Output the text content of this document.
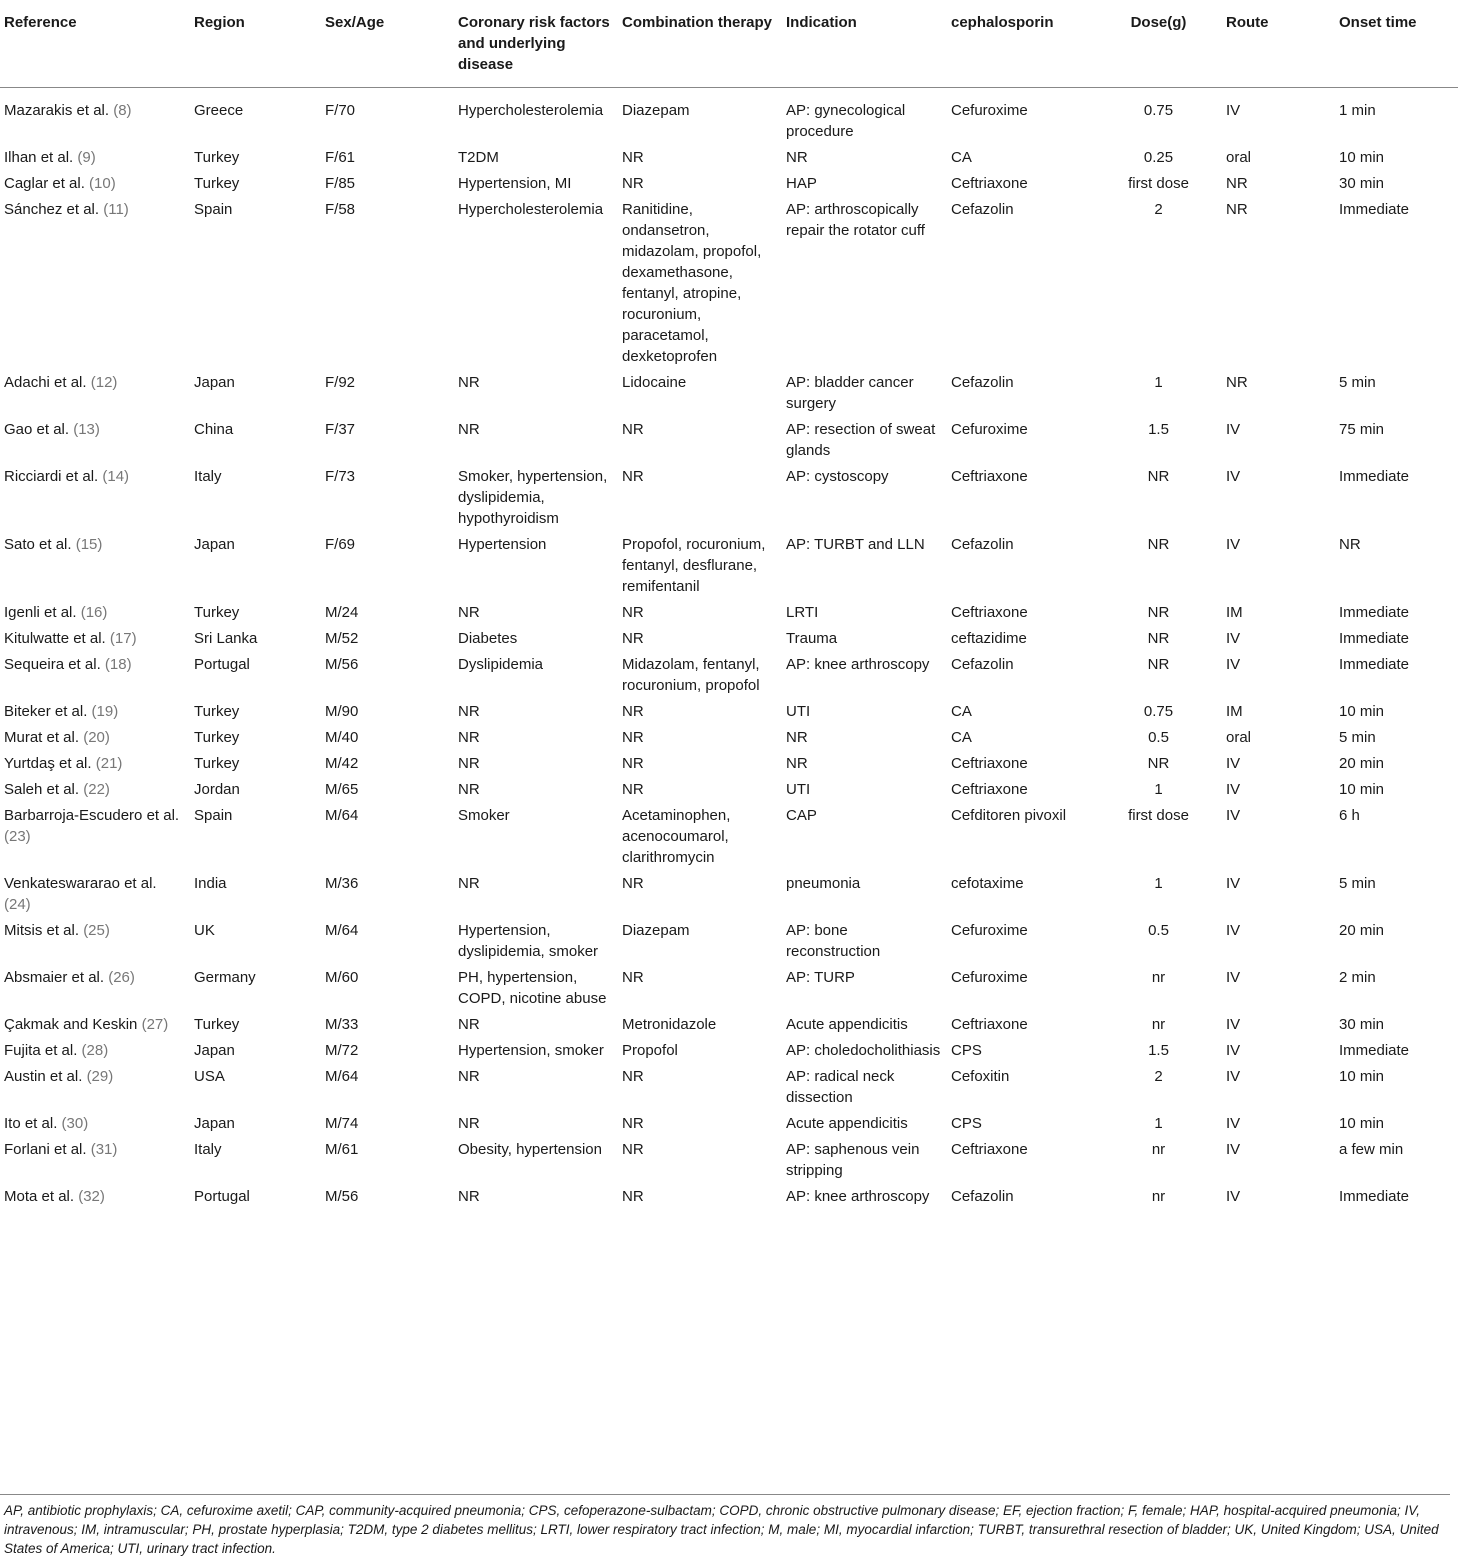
Reference	Region	Sex/Age	Coronary risk factors and underlying disease	Combination therapy	Indication	cephalosporin	Dose(g)	Route	Onset time
Mazarakis et al. (8)	Greece	F/70	Hypercholesterolemia	Diazepam	AP: gynecological procedure	Cefuroxime	0.75	IV	1 min
Ilhan et al. (9)	Turkey	F/61	T2DM	NR	NR	CA	0.25	oral	10 min
Caglar et al. (10)	Turkey	F/85	Hypertension, MI	NR	HAP	Ceftriaxone	first dose	NR	30 min
Sánchez et al. (11)	Spain	F/58	Hypercholesterolemia	Ranitidine, ondansetron, midazolam, propofol, dexamethasone, fentanyl, atropine, rocuronium, paracetamol, dexketoprofen	AP: arthroscopically repair the rotator cuff	Cefazolin	2	NR	Immediate
Adachi et al. (12)	Japan	F/92	NR	Lidocaine	AP: bladder cancer surgery	Cefazolin	1	NR	5 min
Gao et al. (13)	China	F/37	NR	NR	AP: resection of sweat glands	Cefuroxime	1.5	IV	75 min
Ricciardi et al. (14)	Italy	F/73	Smoker, hypertension, dyslipidemia, hypothyroidism	NR	AP: cystoscopy	Ceftriaxone	NR	IV	Immediate
Sato et al. (15)	Japan	F/69	Hypertension	Propofol, rocuronium, fentanyl, desflurane, remifentanil	AP: TURBT and LLN	Cefazolin	NR	IV	NR
Igenli et al. (16)	Turkey	M/24	NR	NR	LRTI	Ceftriaxone	NR	IM	Immediate
Kitulwatte et al. (17)	Sri Lanka	M/52	Diabetes	NR	Trauma	ceftazidime	NR	IV	Immediate
Sequeira et al. (18)	Portugal	M/56	Dyslipidemia	Midazolam, fentanyl, rocuronium, propofol	AP: knee arthroscopy	Cefazolin	NR	IV	Immediate
Biteker et al. (19)	Turkey	M/90	NR	NR	UTI	CA	0.75	IM	10 min
Murat et al. (20)	Turkey	M/40	NR	NR	NR	CA	0.5	oral	5 min
Yurtdaş et al. (21)	Turkey	M/42	NR	NR	NR	Ceftriaxone	NR	IV	20 min
Saleh et al. (22)	Jordan	M/65	NR	NR	UTI	Ceftriaxone	1	IV	10 min
Barbarroja-Escudero et al. (23)	Spain	M/64	Smoker	Acetaminophen, acenocoumarol, clarithromycin	CAP	Cefditoren pivoxil	first dose	IV	6 h
Venkateswararao et al. (24)	India	M/36	NR	NR	pneumonia	cefotaxime	1	IV	5 min
Mitsis et al. (25)	UK	M/64	Hypertension, dyslipidemia, smoker	Diazepam	AP: bone reconstruction	Cefuroxime	0.5	IV	20 min
Absmaier et al. (26)	Germany	M/60	PH, hypertension, COPD, nicotine abuse	NR	AP: TURP	Cefuroxime	nr	IV	2 min
Çakmak and Keskin (27)	Turkey	M/33	NR	Metronidazole	Acute appendicitis	Ceftriaxone	nr	IV	30 min
Fujita et al. (28)	Japan	M/72	Hypertension, smoker	Propofol	AP: choledocholithiasis	CPS	1.5	IV	Immediate
Austin et al. (29)	USA	M/64	NR	NR	AP: radical neck dissection	Cefoxitin	2	IV	10 min
Ito et al. (30)	Japan	M/74	NR	NR	Acute appendicitis	CPS	1	IV	10 min
Forlani et al. (31)	Italy	M/61	Obesity, hypertension	NR	AP: saphenous vein stripping	Ceftriaxone	nr	IV	a few min
Mota et al. (32)	Portugal	M/56	NR	NR	AP: knee arthroscopy	Cefazolin	nr	IV	Immediate
AP, antibiotic prophylaxis; CA, cefuroxime axetil; CAP, community-acquired pneumonia; CPS, cefoperazone-sulbactam; COPD, chronic obstructive pulmonary disease; EF, ejection fraction; F, female; HAP, hospital-acquired pneumonia; IV, intravenous; IM, intramuscular; PH, prostate hyperplasia; T2DM, type 2 diabetes mellitus; LRTI, lower respiratory tract infection; M, male; MI, myocardial infarction; TURBT, transurethral resection of bladder; UK, United Kingdom; USA, United States of America; UTI, urinary tract infection.
